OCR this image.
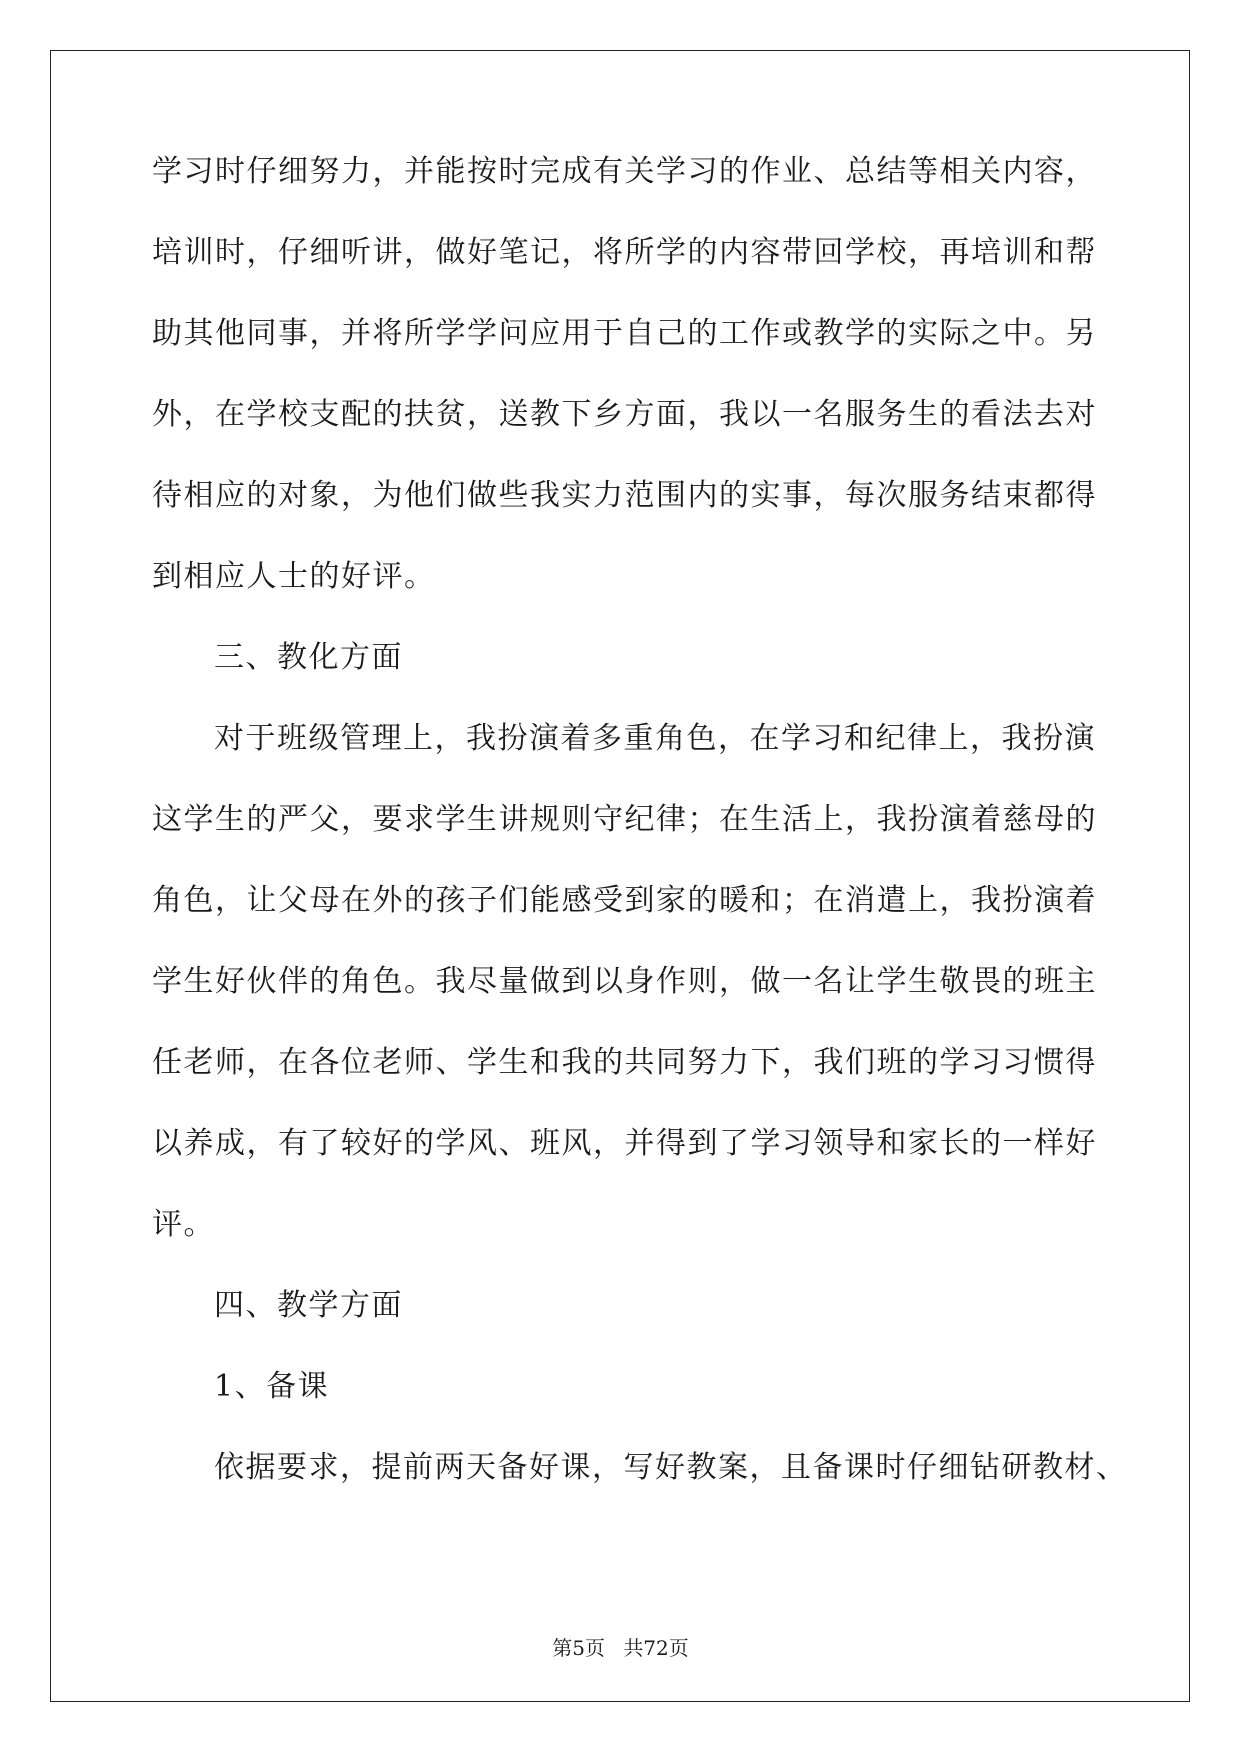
学习时仔细努力，并能按时完成有关学习的作业、总结等相关内容，
培训时，仔细听讲，做好笔记，将所学的内容带回学校，再培训和帮
助其他同事，并将所学学问应用于自己的工作或教学的实际之中。另
外，在学校支配的扶贫，送教下乡方面，我以一名服务生的看法去对
待相应的对象，为他们做些我实力范围内的实事，每次服务结束都得
到相应人士的好评。
三、教化方面
对于班级管理上，我扮演着多重角色，在学习和纪律上，我扮演
这学生的严父，要求学生讲规则守纪律；在生活上，我扮演着慈母的
角色，让父母在外的孩子们能感受到家的暖和；在消遣上，我扮演着
学生好伙伴的角色。我尽量做到以身作则，做一名让学生敬畏的班主
任老师，在各位老师、学生和我的共同努力下，我们班的学习习惯得
以养成，有了较好的学风、班风，并得到了学习领导和家长的一样好
评。
四、教学方面
1、备课
依据要求，提前两天备好课，写好教案，且备课时仔细钻研教材、
第5页 共72页
